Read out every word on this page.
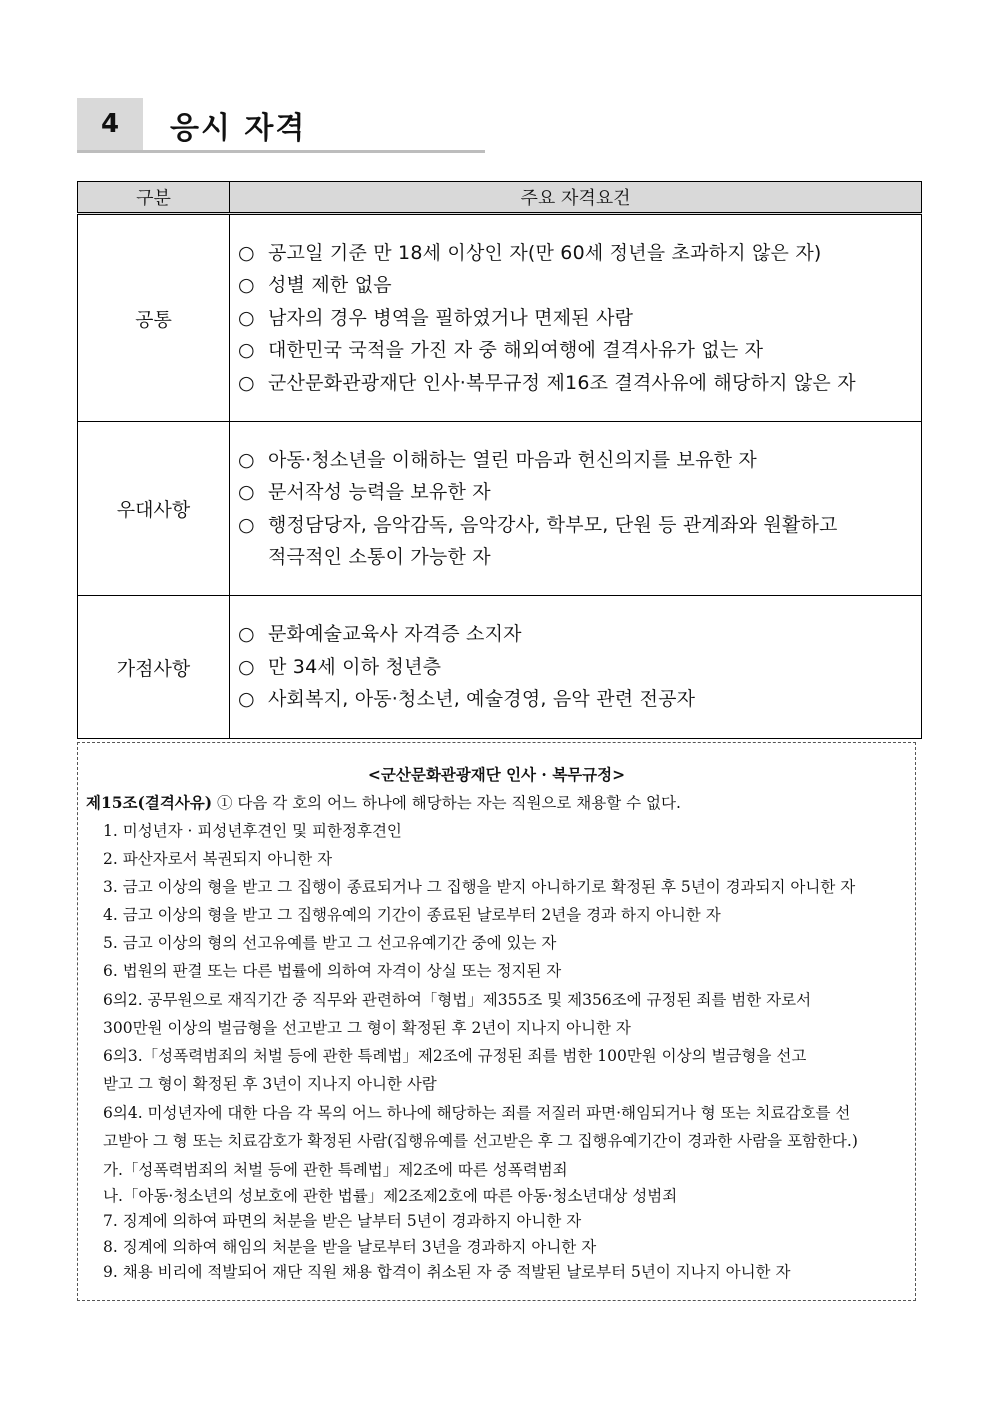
4	응시 자격
구분	주요 자격요건
공통	○ 공고일 기준 만 18세 이상인 자(만 60세 정년을 초과하지 않은 자)
○ 성별 제한 없음
○ 남자의 경우 병역을 필하였거나 면제된 사람
○ 대한민국 국적을 가진 자 중 해외여행에 결격사유가 없는 자
○ 군산문화관광재단 인사·복무규정 제16조 결격사유에 해당하지 않은 자

우대사항	○ 아동·청소년을 이해하는 열린 마음과 헌신의지를 보유한 자
○ 문서작성 능력을 보유한 자
○ 행정담당자, 음악감독, 음악강사, 학부모, 단원 등 관계좌와 원활하고
적극적인 소통이 가능한 자

가점사항	○ 문화예술교육사 자격증 소지자
○ 만 34세 이하 청년층
○ 사회복지, 아동·청소년, 예술경영, 음악 관련 전공자
<군산문화관광재단 인사 · 복무규정>
제15조(결격사유) ① 다음 각 호의 어느 하나에 해당하는 자는 직원으로 채용할 수 없다.
1. 미성년자 · 피성년후견인 및 피한정후견인
2. 파산자로서 복권되지 아니한 자
3. 금고 이상의 형을 받고 그 집행이 종료되거나 그 집행을 받지 아니하기로 확정된 후 5년이 경과되지 아니한 자
4. 금고 이상의 형을 받고 그 집행유예의 기간이 종료된 날로부터 2년을 경과 하지 아니한 자
5. 금고 이상의 형의 선고유예를 받고 그 선고유예기간 중에 있는 자
6. 법원의 판결 또는 다른 법률에 의하여 자격이 상실 또는 정지된 자
6의2. 공무원으로 재직기간 중 직무와 관련하여「형법」제355조 및 제356조에 규정된 죄를 범한 자로서
300만원 이상의 벌금형을 선고받고 그 형이 확정된 후 2년이 지나지 아니한 자
6의3.「성폭력범죄의 처벌 등에 관한 특례법」제2조에 규정된 죄를 범한 100만원 이상의 벌금형을 선고
받고 그 형이 확정된 후 3년이 지나지 아니한 사람
6의4. 미성년자에 대한 다음 각 목의 어느 하나에 해당하는 죄를 저질러 파면·해임되거나 형 또는 치료감호를 선
고받아 그 형 또는 치료감호가 확정된 사람(집행유예를 선고받은 후 그 집행유예기간이 경과한 사람을 포함한다.)
가.「성폭력범죄의 처벌 등에 관한 특례법」제2조에 따른 성폭력범죄
나.「아동·청소년의 성보호에 관한 법률」제2조제2호에 따른 아동·청소년대상 성범죄
7. 징계에 의하여 파면의 처분을 받은 날부터 5년이 경과하지 아니한 자
8. 징계에 의하여 해임의 처분을 받을 날로부터 3년을 경과하지 아니한 자
9. 채용 비리에 적발되어 재단 직원 채용 합격이 취소된 자 중 적발된 날로부터 5년이 지나지 아니한 자
